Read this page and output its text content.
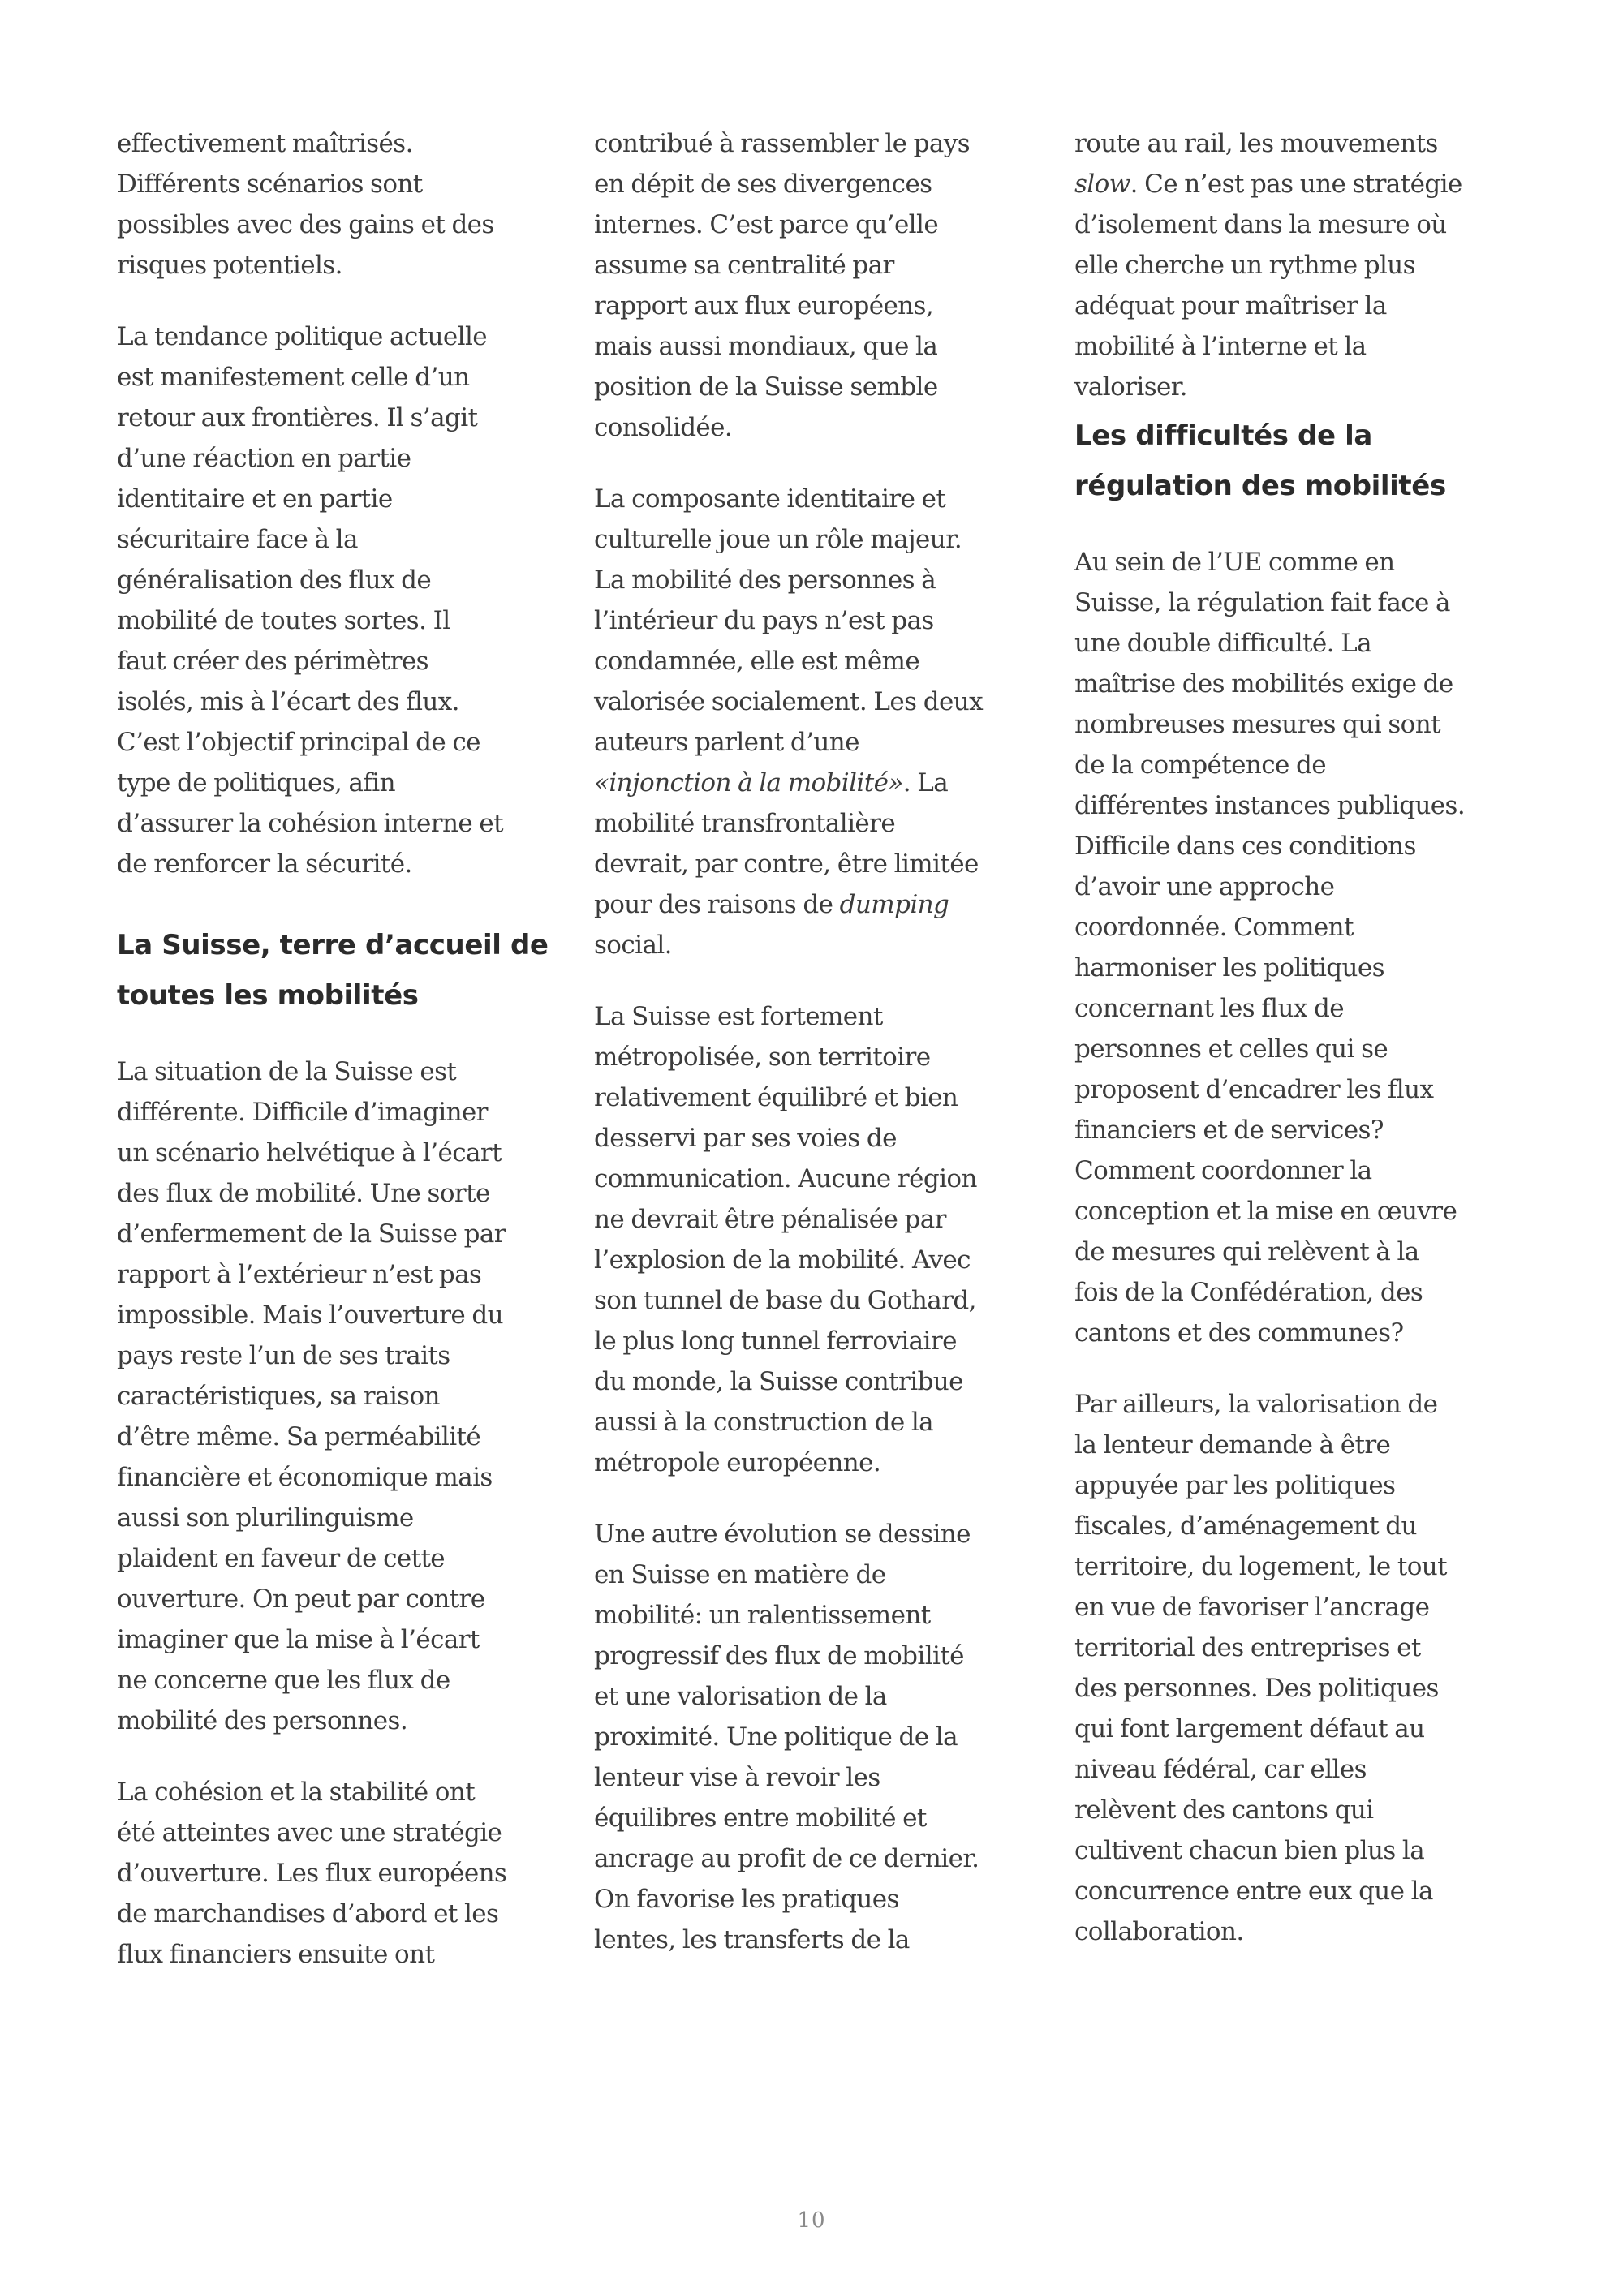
effectivement maîtrisés.
Différents scénarios sont
possibles avec des gains et des
risques potentiels.

La tendance politique actuelle
est manifestement celle d’un
retour aux frontières. Il s’agit
d’une réaction en partie
identitaire et en partie
sécuritaire face à la
généralisation des flux de
mobilité de toutes sortes. Il
faut créer des périmètres
isolés, mis à l’écart des flux.
C’est l’objectif principal de ce
type de politiques, afin
d’assurer la cohésion interne et
de renforcer la sécurité.

La Suisse, terre d’accueil de
toutes les mobilités

La situation de la Suisse est
différente. Difficile d’imaginer
un scénario helvétique à l’écart
des flux de mobilité. Une sorte
d’enfermement de la Suisse par
rapport à l’extérieur n’est pas
impossible. Mais l’ouverture du
pays reste l’un de ses traits
caractéristiques, sa raison
d’être même. Sa perméabilité
financière et économique mais
aussi son plurilinguisme
plaident en faveur de cette
ouverture. On peut par contre
imaginer que la mise à l’écart
ne concerne que les flux de
mobilité des personnes.

La cohésion et la stabilité ont
été atteintes avec une stratégie
d’ouverture. Les flux européens
de marchandises d’abord et les
flux financiers ensuite ont

contribué à rassembler le pays
en dépit de ses divergences
internes. C’est parce qu’elle
assume sa centralité par
rapport aux flux européens,
mais aussi mondiaux, que la
position de la Suisse semble
consolidée.

La composante identitaire et
culturelle joue un rôle majeur.
La mobilité des personnes à
l’intérieur du pays n’est pas
condamnée, elle est même
valorisée socialement. Les deux
auteurs parlent d’une
«injonction à la mobilité». La
mobilité transfrontalière
devrait, par contre, être limitée
pour des raisons de dumping
social.

La Suisse est fortement
métropolisée, son territoire
relativement équilibré et bien
desservi par ses voies de
communication. Aucune région
ne devrait être pénalisée par
l’explosion de la mobilité. Avec
son tunnel de base du Gothard,
le plus long tunnel ferroviaire
du monde, la Suisse contribue
aussi à la construction de la
métropole européenne.

Une autre évolution se dessine
en Suisse en matière de
mobilité: un ralentissement
progressif des flux de mobilité
et une valorisation de la
proximité. Une politique de la
lenteur vise à revoir les
équilibres entre mobilité et
ancrage au profit de ce dernier.
On favorise les pratiques
lentes, les transferts de la

route au rail, les mouvements
slow. Ce n’est pas une stratégie
d’isolement dans la mesure où
elle cherche un rythme plus
adéquat pour maîtriser la
mobilité à l’interne et la
valoriser.

Les difficultés de la
régulation des mobilités

Au sein de l’UE comme en
Suisse, la régulation fait face à
une double difficulté. La
maîtrise des mobilités exige de
nombreuses mesures qui sont
de la compétence de
différentes instances publiques.
Difficile dans ces conditions
d’avoir une approche
coordonnée. Comment
harmoniser les politiques
concernant les flux de
personnes et celles qui se
proposent d’encadrer les flux
financiers et de services?
Comment coordonner la
conception et la mise en œuvre
de mesures qui relèvent à la
fois de la Confédération, des
cantons et des communes?

Par ailleurs, la valorisation de
la lenteur demande à être
appuyée par les politiques
fiscales, d’aménagement du
territoire, du logement, le tout
en vue de favoriser l’ancrage
territorial des entreprises et
des personnes. Des politiques
qui font largement défaut au
niveau fédéral, car elles
relèvent des cantons qui
cultivent chacun bien plus la
concurrence entre eux que la
collaboration.

10
